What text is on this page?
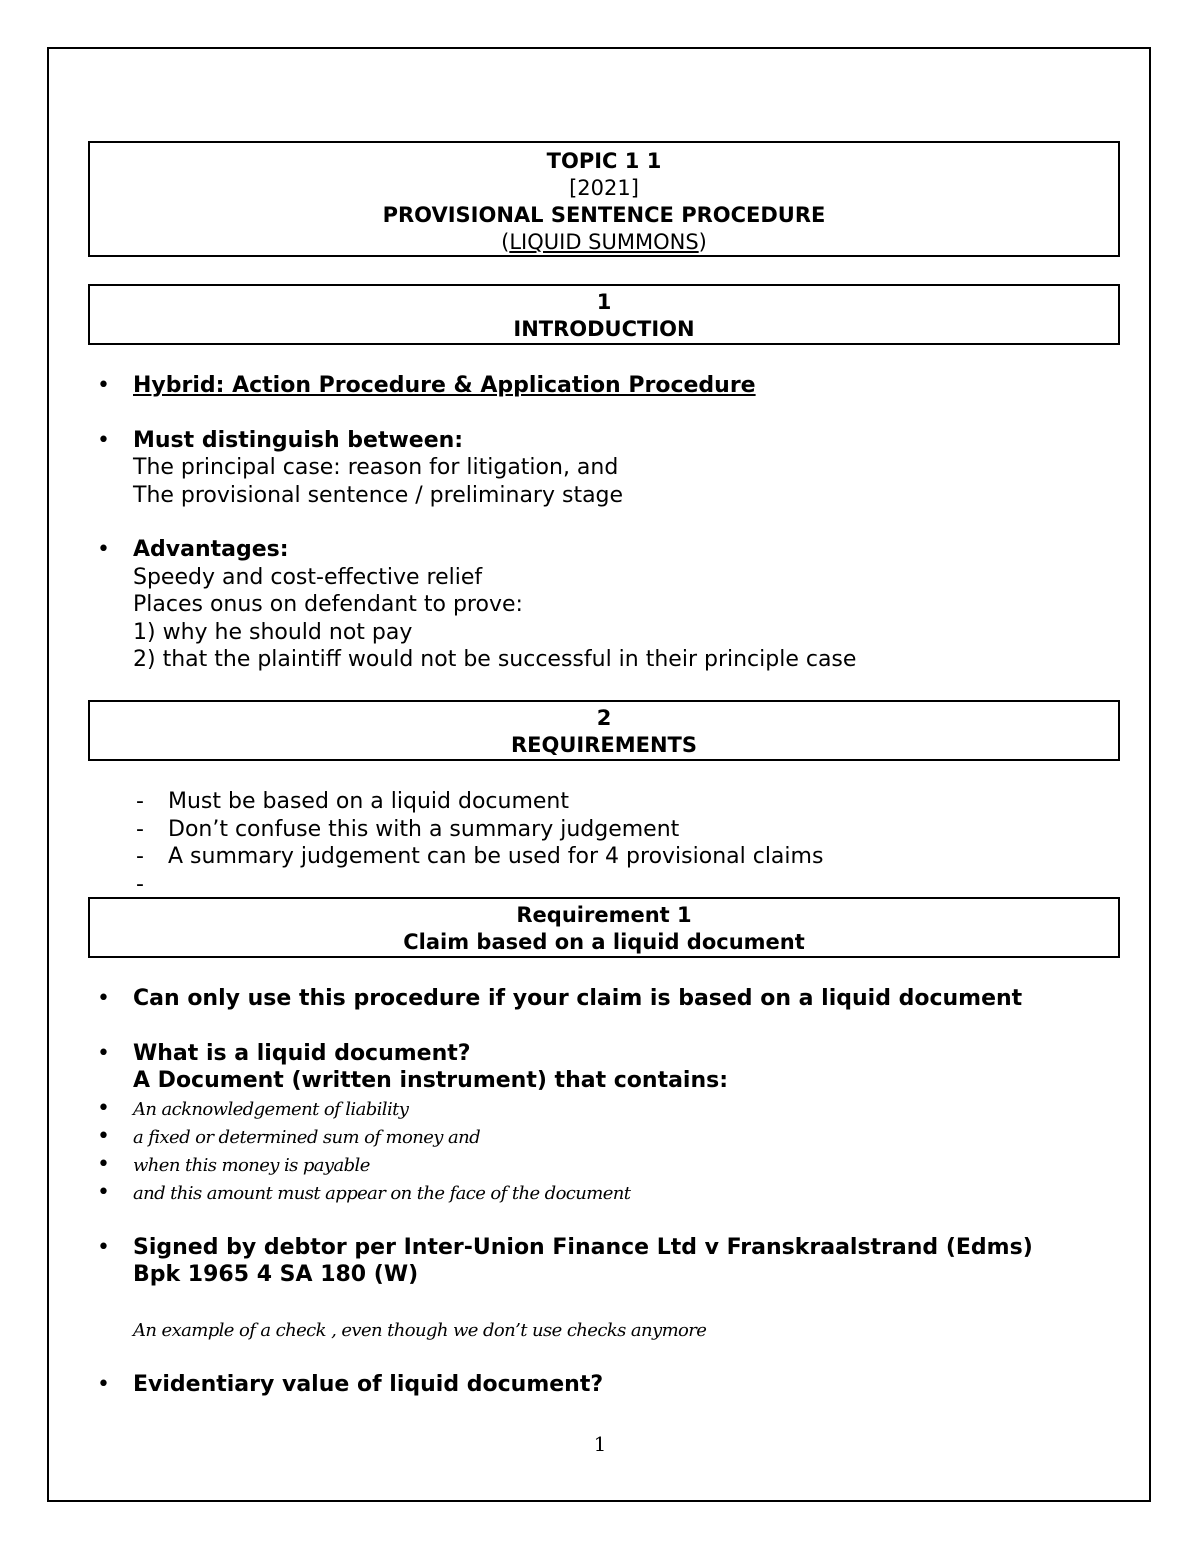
TOPIC 1 1
[2021]
PROVISIONAL SENTENCE PROCEDURE
(LIQUID SUMMONS)
1
INTRODUCTION
• Hybrid: Action Procedure & Application Procedure
• Must distinguish between:
The principal case: reason for litigation, and
The provisional sentence / preliminary stage
• Advantages:
Speedy and cost-effective relief
Places onus on defendant to prove:
1) why he should not pay
2) that the plaintiff would not be successful in their principle case
2
REQUIREMENTS
- Must be based on a liquid document
- Don’t confuse this with a summary judgement
- A summary judgement can be used for 4 provisional claims
-
Requirement 1
Claim based on a liquid document
• Can only use this procedure if your claim is based on a liquid document
• What is a liquid document?
A Document (written instrument) that contains:
• An acknowledgement of liability
• a fixed or determined sum of money and
• when this money is payable
• and this amount must appear on the face of the document
• Signed by debtor per Inter-Union Finance Ltd v Franskraalstrand (Edms)
Bpk 1965 4 SA 180 (W)
An example of a check , even though we don’t use checks anymore
• Evidentiary value of liquid document?
1
